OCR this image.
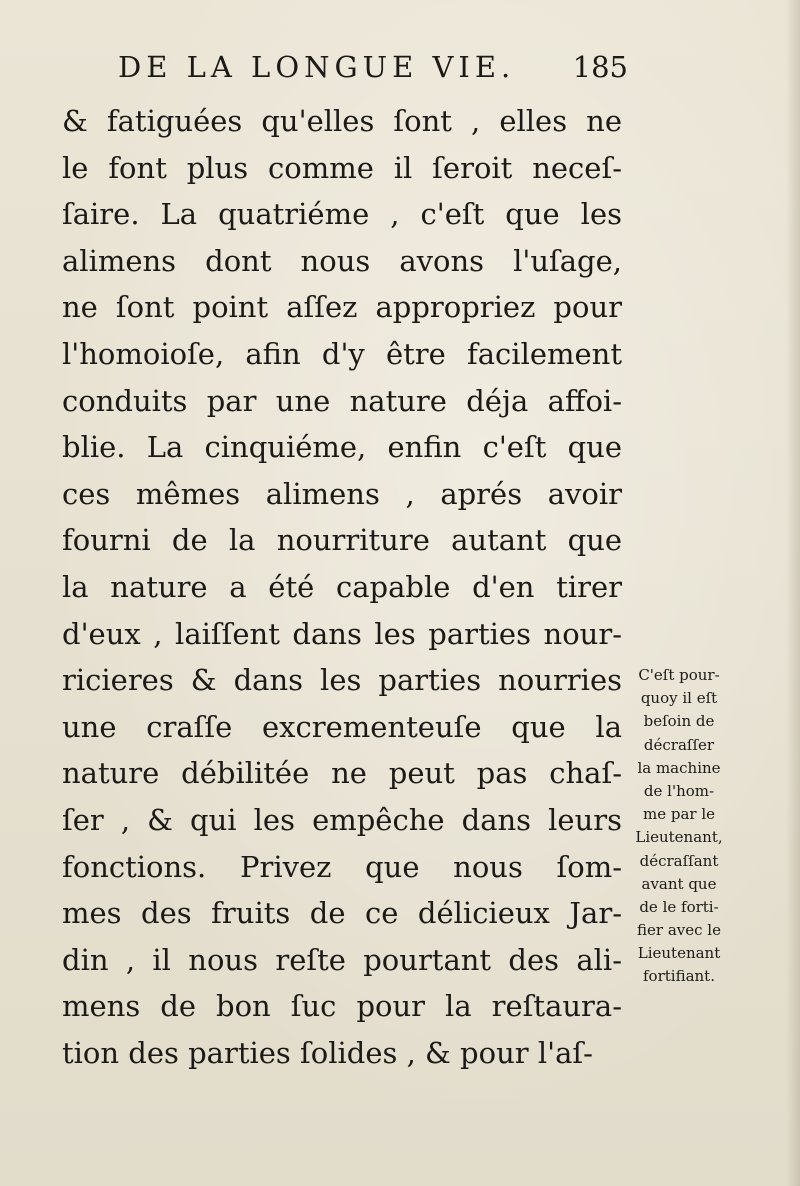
DE LA LONGUE VIE. 185
& fatiguées qu'elles ſont , elles ne
le font plus comme il ſeroit neceſ-
ſaire. La quatriéme , c'eſt que les
alimens dont nous avons l'uſage,
ne ſont point aſſez appropriez pour
l'homoioſe, afin d'y être facilement
conduits par une nature déja affoi-
blie. La cinquiéme, enfin c'eſt que
ces mêmes alimens , aprés avoir
fourni de la nourriture autant que
la nature a été capable d'en tirer
d'eux , laiſſent dans les parties nour-
ricieres & dans les parties nourries
une craſſe excrementeuſe que la
nature débilitée ne peut pas chaſ-
ſer , & qui les empêche dans leurs
fonctions. Privez que nous ſom-
mes des fruits de ce délicieux Jar-
din , il nous reſte pourtant des ali-
mens de bon ſuc pour la reſtaura-
tion des parties ſolides , & pour l'aſ-
C'eſt pour-
quoy il eſt
beſoin de
décraſſer
la machine
de l'hom-
me par le
Lieutenant,
décraſſant
avant que
de le forti-
fier avec le
Lieutenant
fortifiant.
